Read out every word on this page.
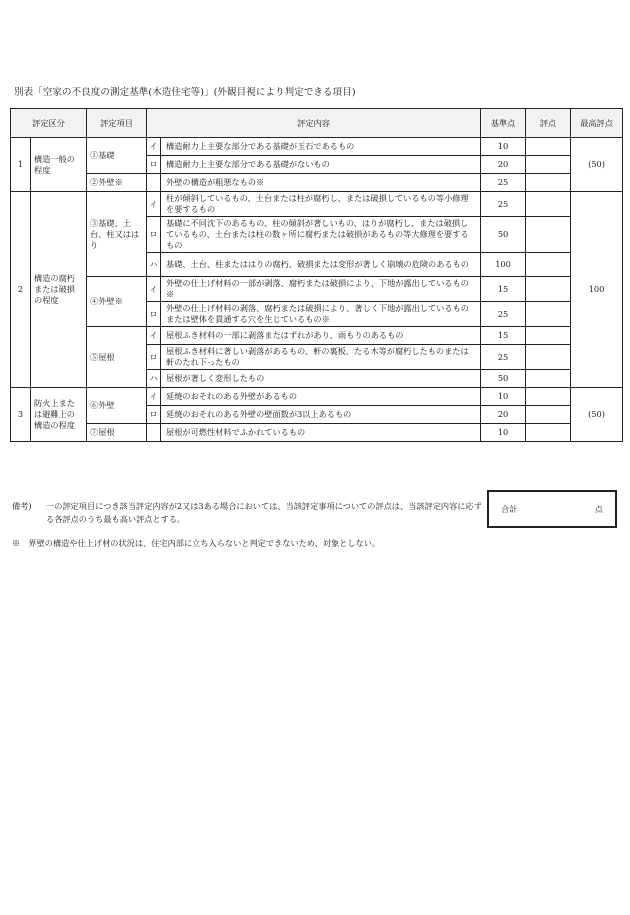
別表「空家の不良度の測定基準(木造住宅等)」(外観目視により判定できる項目)
評定区分		評定項目	評定内容		基準点	評点	最高評点
1	構造一般の程度	①基礎	イ	構造耐力上主要な部分である基礎が玉石であるもの	10		(50)
			ロ	構造耐力上主要な部分である基礎がないもの	20		
		②外壁※		外壁の構造が粗悪なもの※	25		
2	構造の腐朽または破損の程度	③基礎、土台、柱又ははり	イ	柱が傾斜しているもの、土台または柱が腐朽し、または破損しているもの等小修理を要するもの	25		100
			ロ	基礎に不同沈下のあるもの、柱の傾斜が著しいもの、はりが腐朽し、または破損しているもの、土台または柱の数ヶ所に腐朽または破損があるもの等大修理を要するもの	50		
			ハ	基礎、土台、柱またははりの腐朽、破損または変形が著しく崩壊の危険のあるもの	100		
		④外壁※	イ	外壁の仕上げ材料の一部が剥落、腐朽または破損により、下地が露出しているもの※	15		
			ロ	外壁の仕上げ材料の剥落、腐朽または破損により、著しく下地が露出しているものまたは壁体を貫通する穴を生じているもの※	25		
		⑤屋根	イ	屋根ふき材料の一部に剥落またはずれがあり、雨もりのあるもの	15		
			ロ	屋根ふき材料に著しい剥落があるもの、軒の裏板、たる木等が腐朽したものまたは軒のたれ下ったもの	25		
			ハ	屋根が著しく変形したもの	50		
3	防火上または避難上の構造の程度	⑥外壁	イ	延焼のおそれのある外壁があるもの	10		(50)
			ロ	延焼のおそれのある外壁の壁面数が3以上あるもの	20		
		⑦屋根		屋根が可燃性材料でふかれているもの	10		
備考)	一の評定項目につき該当評定内容が2又は3ある場合においては、当該評定事項についての評点は、当該評定内容に応ずる各評点のうち最も高い評点とする。
※　界壁の構造や仕上げ材の状況は、住宅内部に立ち入らないと判定できないため、対象としない。
合計	点
